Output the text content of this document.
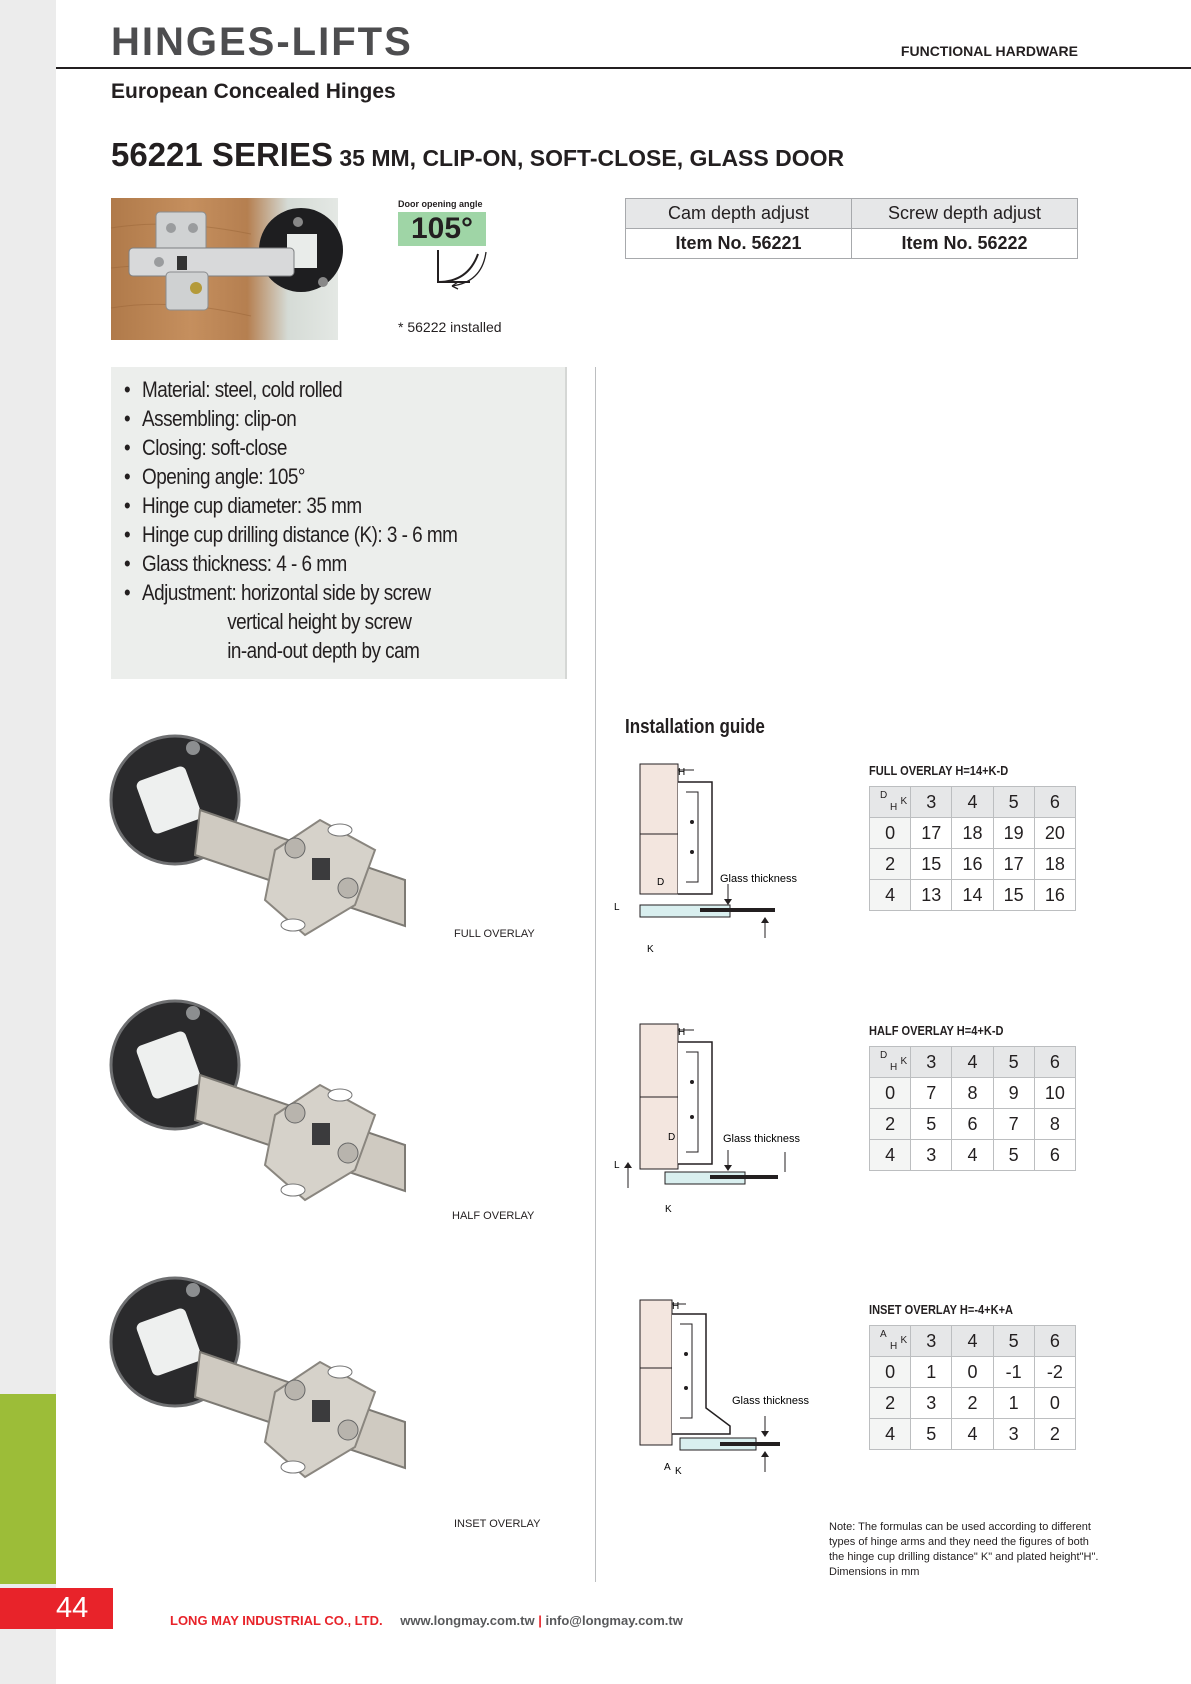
44
HINGES-LIFTS	FUNCTIONAL HARDWARE
European Concealed Hinges
56221 SERIES 35 MM, CLIP-ON, SOFT-CLOSE, GLASS DOOR
Door opening angle
105°
* 56222 installed
Cam depth adjust	Screw depth adjust
Item No. 56221	Item No. 56222
• Material: steel, cold rolled
• Assembling: clip-on
• Closing: soft-close
• Opening angle: 105°
• Hinge cup diameter: 35 mm
• Hinge cup drilling distance (K): 3 - 6 mm
• Glass thickness: 4 - 6 mm
• Adjustment: horizontal side by screw
vertical height by screw
in-and-out depth by cam
Installation guide
FULL OVERLAY
H
D
L
K
Glass thickness
FULL OVERLAY H=14+K-D
D
K
H	3	4	5	6
0	17	18	19	20
2	15	16	17	18
4	13	14	15	16
HALF OVERLAY
H
D
L
K
Glass thickness
HALF OVERLAY H=4+K-D
D
K
H	3	4	5	6
0	7	8	9	10
2	5	6	7	8
4	3	4	5	6
INSET OVERLAY
H
A K
Glass thickness
INSET OVERLAY H=-4+K+A
A
K
H	3	4	5	6
0	1	0	-1	-2
2	3	2	1	0
4	5	4	3	2
Note: The formulas can be used according to different types of hinge arms and they need the figures of both the hinge cup drilling distance" K" and plated height"H". Dimensions in mm
LONG MAY INDUSTRIAL CO., LTD. www.longmay.com.tw | info@longmay.com.tw
